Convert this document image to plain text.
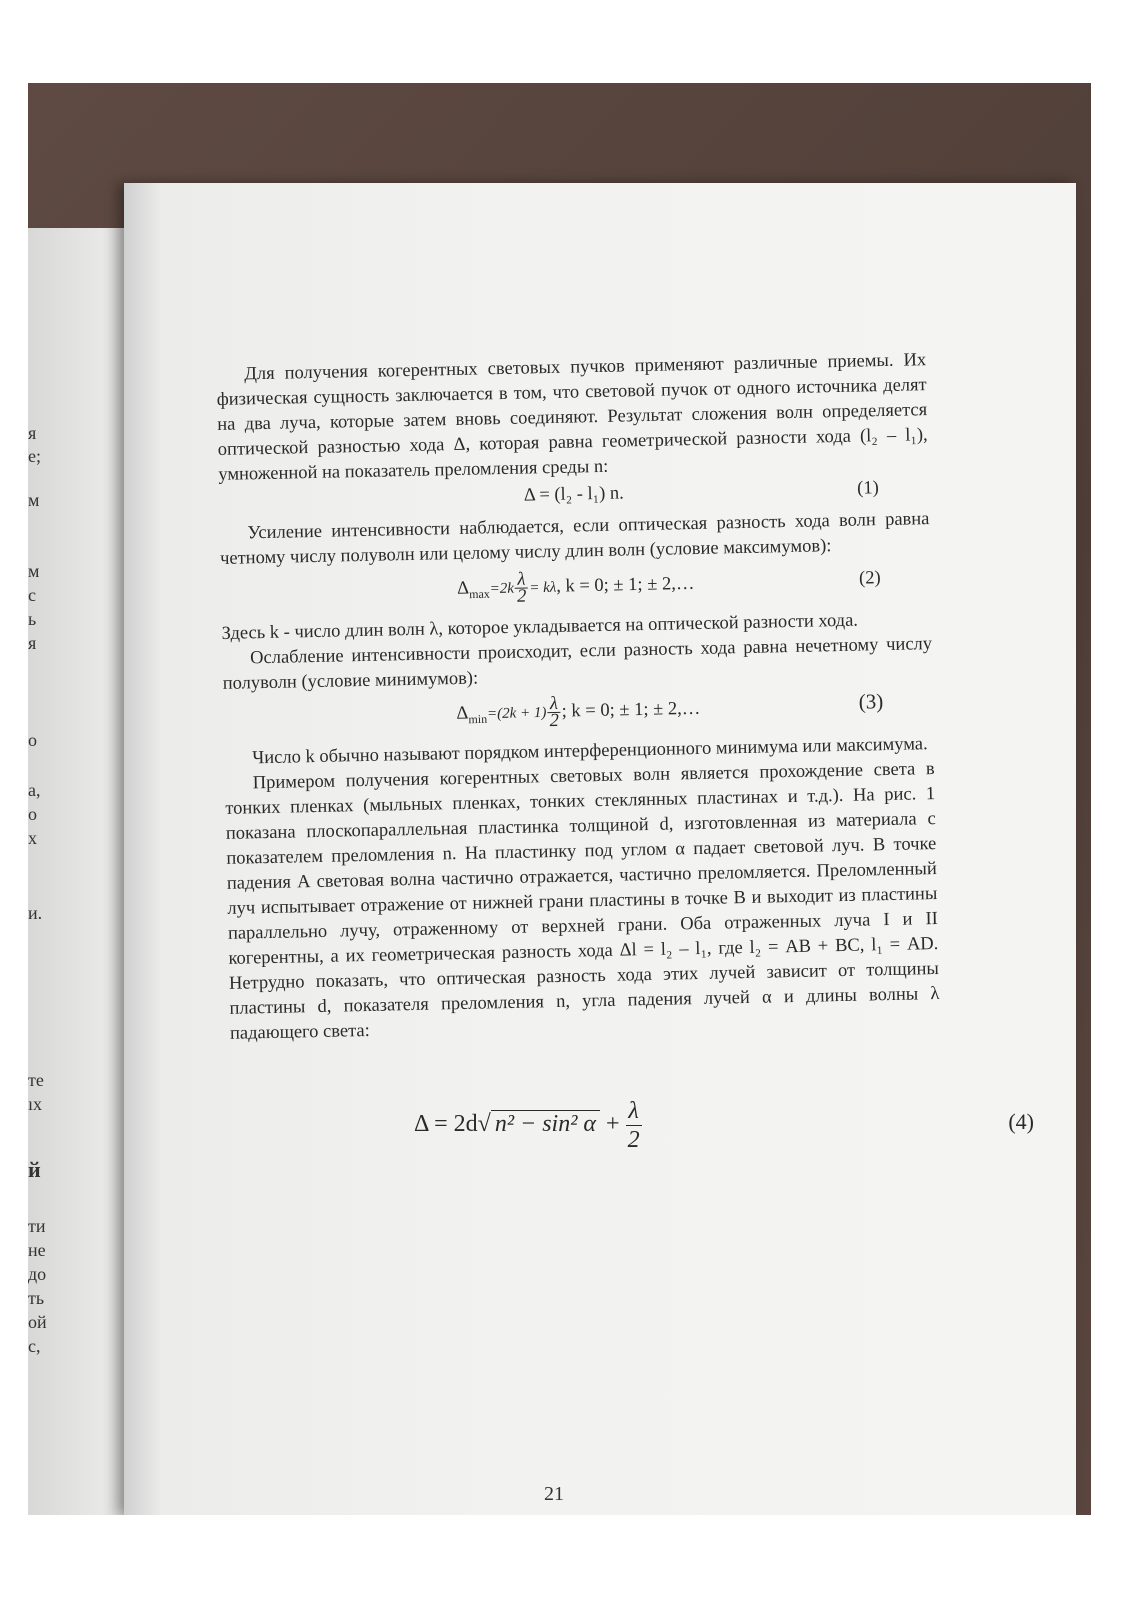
я
е;
м
м
с
ь
я
о
а,
о
х
и.
те
ıх
й
ти
не
до
ть
ой
с,

Для получения когерентных световых пучков применяют различные приемы. Их физическая сущность заключается в том, что световой пучок от одного источника делят на два луча, которые затем вновь соединяют. Результат сложения волн определяется оптической разностью хода Δ, которая равна геометрической разности хода (l₂ – l₁), умноженной на показатель преломления среды n:

Δ = (l₂ - l₁) n.	(1)

Усиление интенсивности наблюдается, если оптическая разность хода волн равна четному числу полуволн или целому числу длин волн (условие максимумов):

$\Delta_{max}=2k \frac{\lambda}{2} = k\lambda$, k = 0; ± 1; ± 2,…	(2)

Здесь k - число длин волн λ, которое укладывается на оптической разности хода.

Ослабление интенсивности происходит, если разность хода равна нечетному числу полуволн (условие минимумов):

$\Delta_{min}=(2k + 1) \frac{\lambda}{2}$ ; k = 0; ± 1; ± 2,…	(3)

Число k обычно называют порядком интерференционного минимума или максимума.

Примером получения когерентных световых волн является прохождение света в тонких пленках (мыльных пленках, тонких стеклянных пластинах и т.д.). На рис. 1 показана плоскопараллельная пластинка толщиной d, изготовленная из материала с показателем преломления n. На пластинку под углом α падает световой луч. В точке падения А световая волна частично отражается, частично преломляется. Преломленный луч испытывает отражение от нижней грани пластины в точке В и выходит из пластины параллельно лучу, отраженному от верхней грани. Оба отраженных луча I и II когерентны, а их геометрическая разность хода Δl = l₂ – l₁, где l₂ = АВ + ВС, l₁ = АD. Нетрудно показать, что оптическая разность хода этих лучей зависит от толщины пластины d, показателя преломления n, угла падения лучей α и длины волны λ падающего света:

Δ = 2d√ n² − sin² $\alpha + \frac{\lambda}{2}$	(4)
21
